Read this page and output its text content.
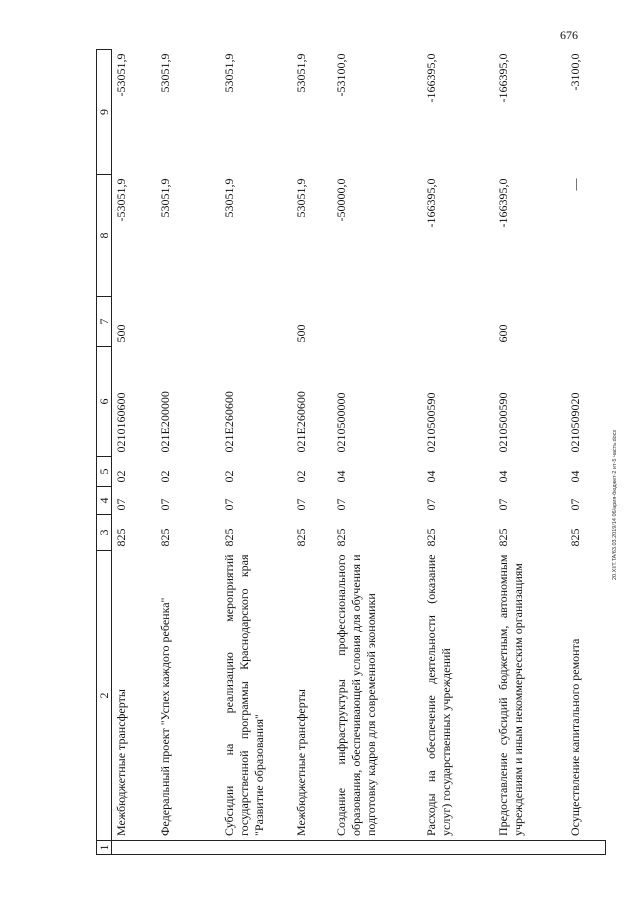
676
20.XI/T.TA/63.03.2019/14 06/ария-бюджет-2 ит-5 часть.docx
1	2	3	4	5	6	7	8	9
	Межбюджетные трансферты	825	07	02	0210160600	500	-53051,9	-53051,9
	Федеральный проект "Успех каждого ребенка"	825	07	02	021E200000		53051,9	53051,9
	Субсидии на реализацию мероприятий государственной программы Краснодарского края "Развитие образования"	825	07	02	021E260600		53051,9	53051,9
	Межбюджетные трансферты	825	07	02	021E260600	500	53051,9	53051,9
	Создание инфраструктуры профессионального образования, обеспечивающей условия для обучения и подготовку кадров для современной экономики	825	07	04	0210500000		-50000,0	-53100,0
	Расходы на обеспечение деятельности (оказание услуг) государственных учреждений	825	07	04	0210500590		-166395,0	-166395,0
	Предоставление субсидий бюджетным, автономным учреждениям и иным некоммерческим организациям	825	07	04	0210500590	600	-166395,0	-166395,0
	Осуществление капитального ремонта	825	07	04	0210509020		—	-3100,0
